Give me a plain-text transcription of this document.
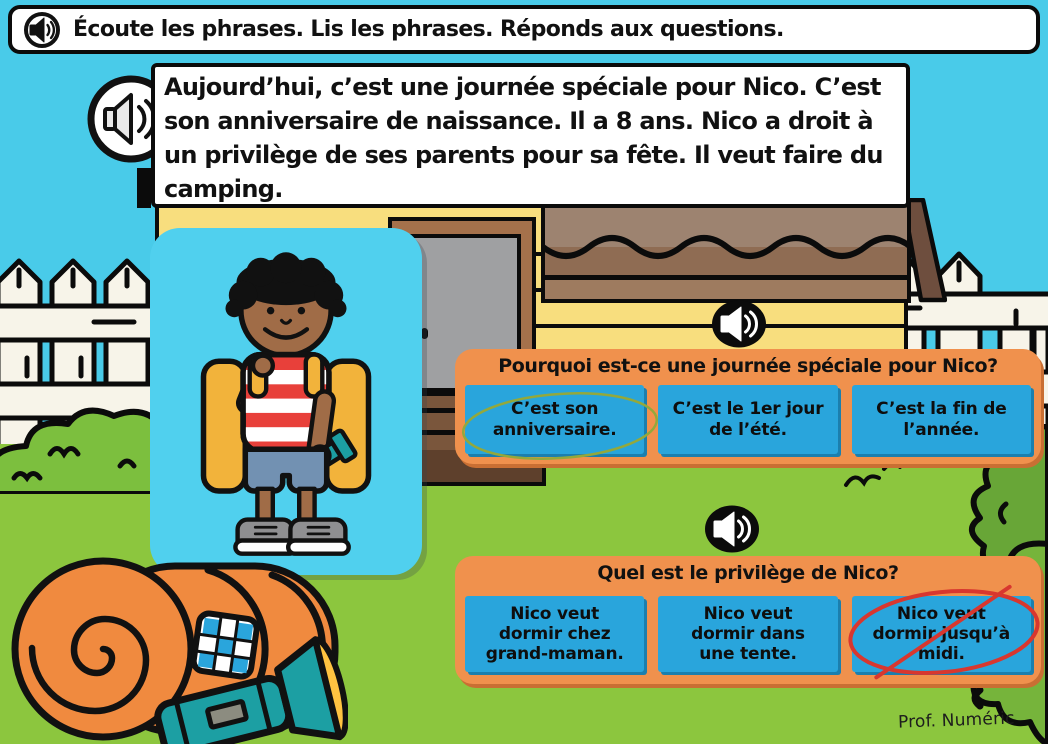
Aujourd’hui, c’est une journée spéciale pour Nico. C’est son anniversaire de naissance. Il a 8 ans. Nico a droit à un privilège de ses parents pour sa fête. Il veut faire du camping.

Écoute les phrases. Lis les phrases. Réponds aux questions.
Pourquoi est-ce une journée spéciale pour Nico?
C’est son anniversaire.
C’est le 1er jour de l’été.
C’est la fin de l’année.
Quel est le privilège de Nico?
Nico veut dormir chez grand-maman.
Nico veut dormir dans une tente.
Nico veut dormir jusqu’à midi.
Prof. Numéric
